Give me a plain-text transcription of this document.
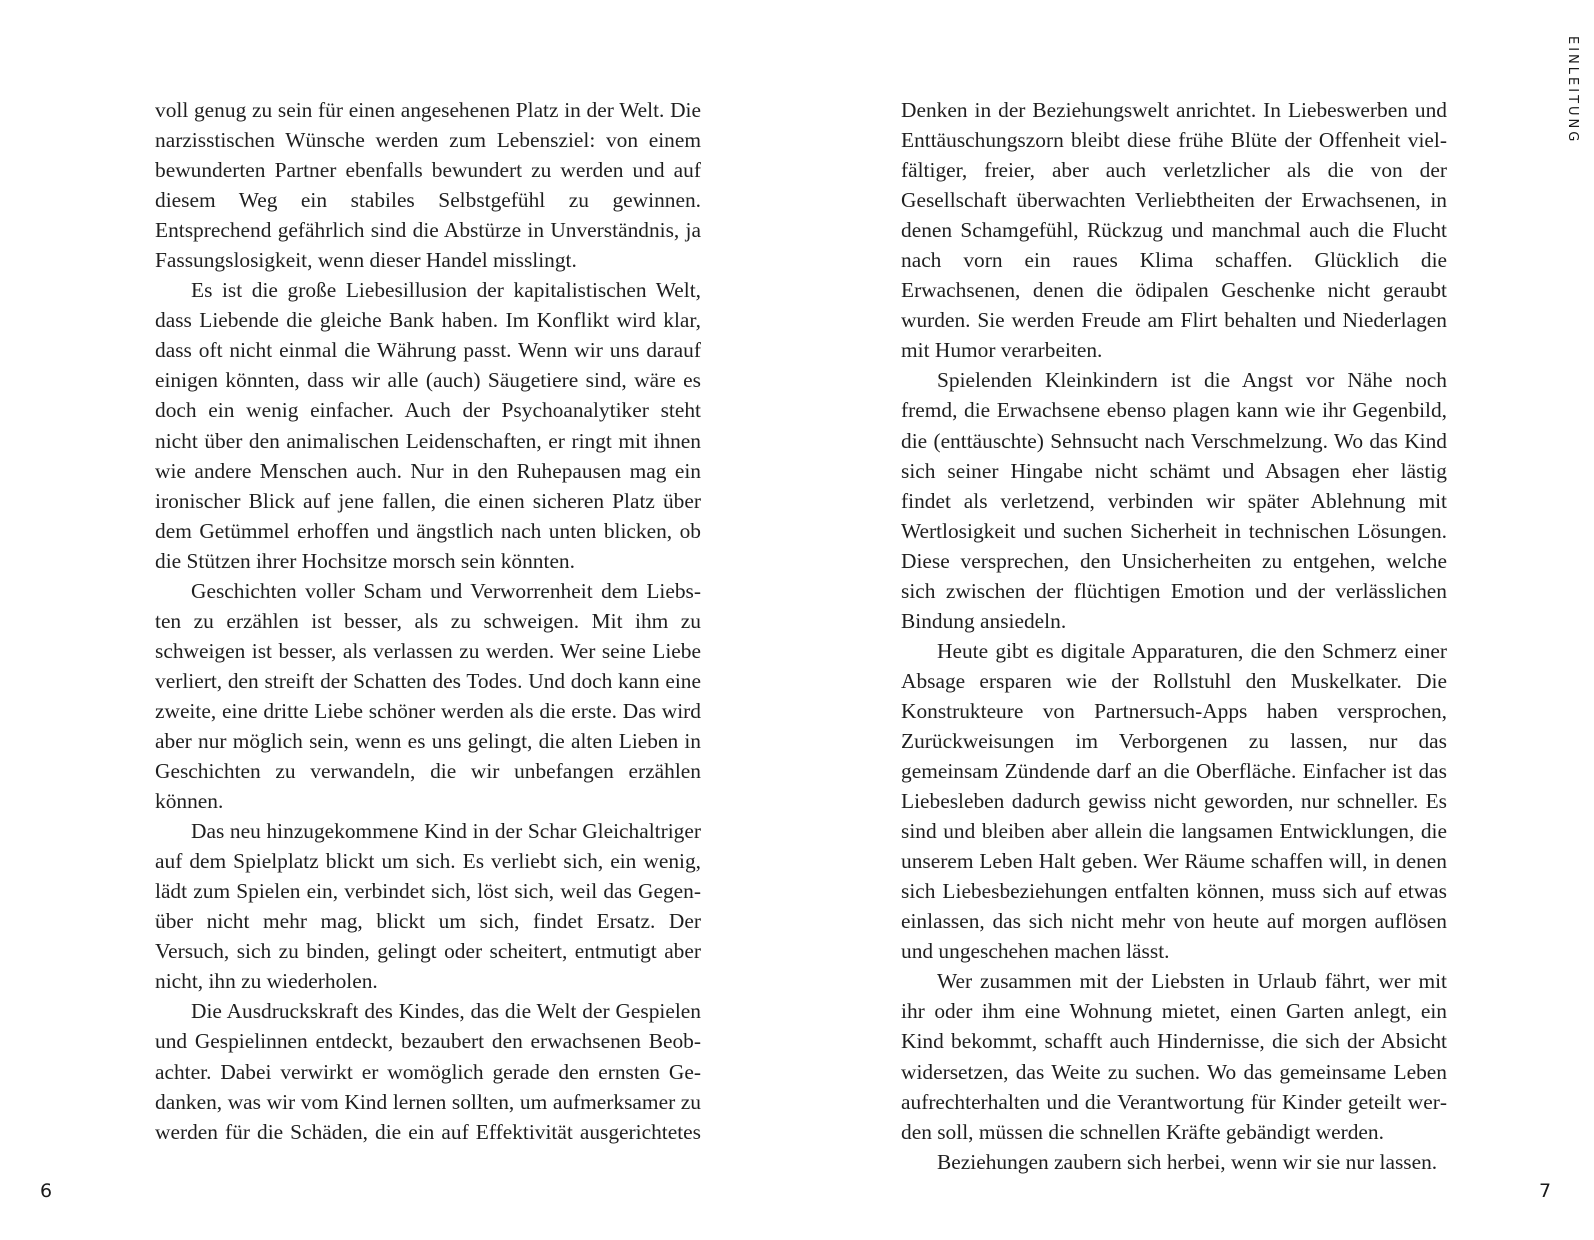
voll genug zu sein für einen angesehenen Platz in der Welt. Die narzisstischen Wünsche werden zum Lebensziel: von einem bewunderten Partner ebenfalls bewundert zu werden und auf diesem Weg ein stabiles Selbstgefühl zu gewinnen. Entsprechend gefährlich sind die Abstürze in Unverständnis, ja Fassungslosigkeit, wenn dieser Handel misslingt.

Es ist die große Liebesillusion der kapitalistischen Welt, dass Liebende die gleiche Bank haben. Im Konflikt wird klar, dass oft nicht einmal die Währung passt. Wenn wir uns darauf einigen könnten, dass wir alle (auch) Säugetiere sind, wäre es doch ein wenig einfacher. Auch der Psychoanalytiker steht nicht über den animalischen Leidenschaften, er ringt mit ihnen wie andere Menschen auch. Nur in den Ruhepausen mag ein ironischer Blick auf jene fallen, die einen sicheren Platz über dem Getümmel erhoffen und ängstlich nach unten blicken, ob die Stützen ihrer Hochsitze morsch sein könnten.

Geschichten voller Scham und Verworrenheit dem Liebsten zu erzählen ist besser, als zu schweigen. Mit ihm zu schweigen ist besser, als verlassen zu werden. Wer seine Liebe verliert, den streift der Schatten des Todes. Und doch kann eine zweite, eine dritte Liebe schöner werden als die erste. Das wird aber nur möglich sein, wenn es uns gelingt, die alten Lieben in Geschichten zu verwandeln, die wir unbefangen erzählen können.

Das neu hinzugekommene Kind in der Schar Gleichaltriger auf dem Spielplatz blickt um sich. Es verliebt sich, ein wenig, lädt zum Spielen ein, verbindet sich, löst sich, weil das Gegenüber nicht mehr mag, blickt um sich, findet Ersatz. Der Versuch, sich zu binden, gelingt oder scheitert, entmutigt aber nicht, ihn zu wiederholen.

Die Ausdruckskraft des Kindes, das die Welt der Gespielen und Gespielinnen entdeckt, bezaubert den erwachsenen Beobachter. Dabei verwirkt er womöglich gerade den ernsten Gedanken, was wir vom Kind lernen sollten, um aufmerksamer zu werden für die Schäden, die ein auf Effektivität ausgerichtetes

6
EINLEITUNG

Denken in der Beziehungswelt anrichtet. In Liebeswerben und Enttäuschungszorn bleibt diese frühe Blüte der Offenheit vielfältiger, freier, aber auch verletzlicher als die von der Gesellschaft überwachten Verliebtheiten der Erwachsenen, in denen Schamgefühl, Rückzug und manchmal auch die Flucht nach vorn ein raues Klima schaffen. Glücklich die Erwachsenen, denen die ödipalen Geschenke nicht geraubt wurden. Sie werden Freude am Flirt behalten und Niederlagen mit Humor verarbeiten.

Spielenden Kleinkindern ist die Angst vor Nähe noch fremd, die Erwachsene ebenso plagen kann wie ihr Gegenbild, die (enttäuschte) Sehnsucht nach Verschmelzung. Wo das Kind sich seiner Hingabe nicht schämt und Absagen eher lästig findet als verletzend, verbinden wir später Ablehnung mit Wertlosigkeit und suchen Sicherheit in technischen Lösungen. Diese versprechen, den Unsicherheiten zu entgehen, welche sich zwischen der flüchtigen Emotion und der verlässlichen Bindung ansiedeln.

Heute gibt es digitale Apparaturen, die den Schmerz einer Absage ersparen wie der Rollstuhl den Muskelkater. Die Konstrukteure von Partnersuch-Apps haben versprochen, Zurückweisungen im Verborgenen zu lassen, nur das gemeinsam Zündende darf an die Oberfläche. Einfacher ist das Liebesleben dadurch gewiss nicht geworden, nur schneller. Es sind und bleiben aber allein die langsamen Entwicklungen, die unserem Leben Halt geben. Wer Räume schaffen will, in denen sich Liebesbeziehungen entfalten können, muss sich auf etwas einlassen, das sich nicht mehr von heute auf morgen auflösen und ungeschehen machen lässt.

Wer zusammen mit der Liebsten in Urlaub fährt, wer mit ihr oder ihm eine Wohnung mietet, einen Garten anlegt, ein Kind bekommt, schafft auch Hindernisse, die sich der Absicht widersetzen, das Weite zu suchen. Wo das gemeinsame Leben aufrechterhalten und die Verantwortung für Kinder geteilt werden soll, müssen die schnellen Kräfte gebändigt werden.

Beziehungen zaubern sich herbei, wenn wir sie nur lassen.

7
